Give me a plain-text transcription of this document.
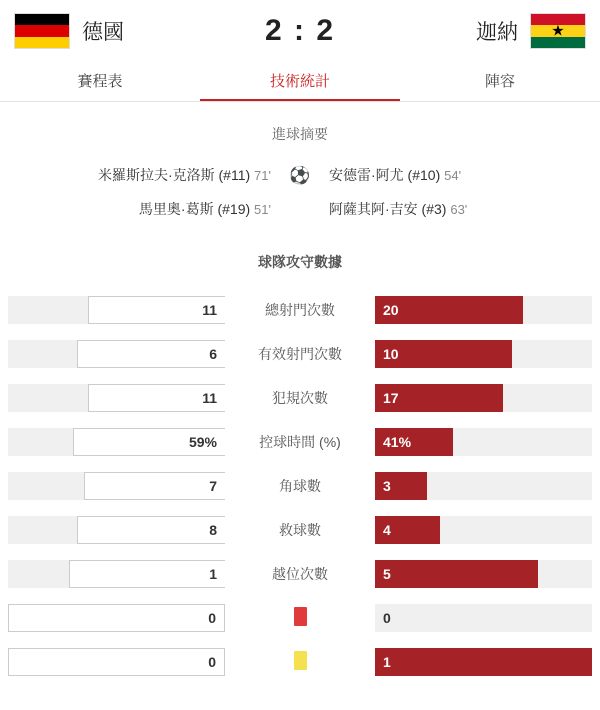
德國	2 : 2	迦納 ★
賽程表	技術統計	陣容
進球摘要
米羅斯拉夫·克洛斯 (#11) 71'	⚽	安德雷·阿尤 (#10) 54'
馬里奧·葛斯 (#19) 51'	阿薩其阿·吉安 (#3) 63'
球隊攻守數據
11	總射門次數	20
6	有效射門次數	10
11	犯規次數	17
59%	控球時間 (%)	41%
7	角球數	3
8	救球數	4
1	越位次數	5
0	0
0	1
